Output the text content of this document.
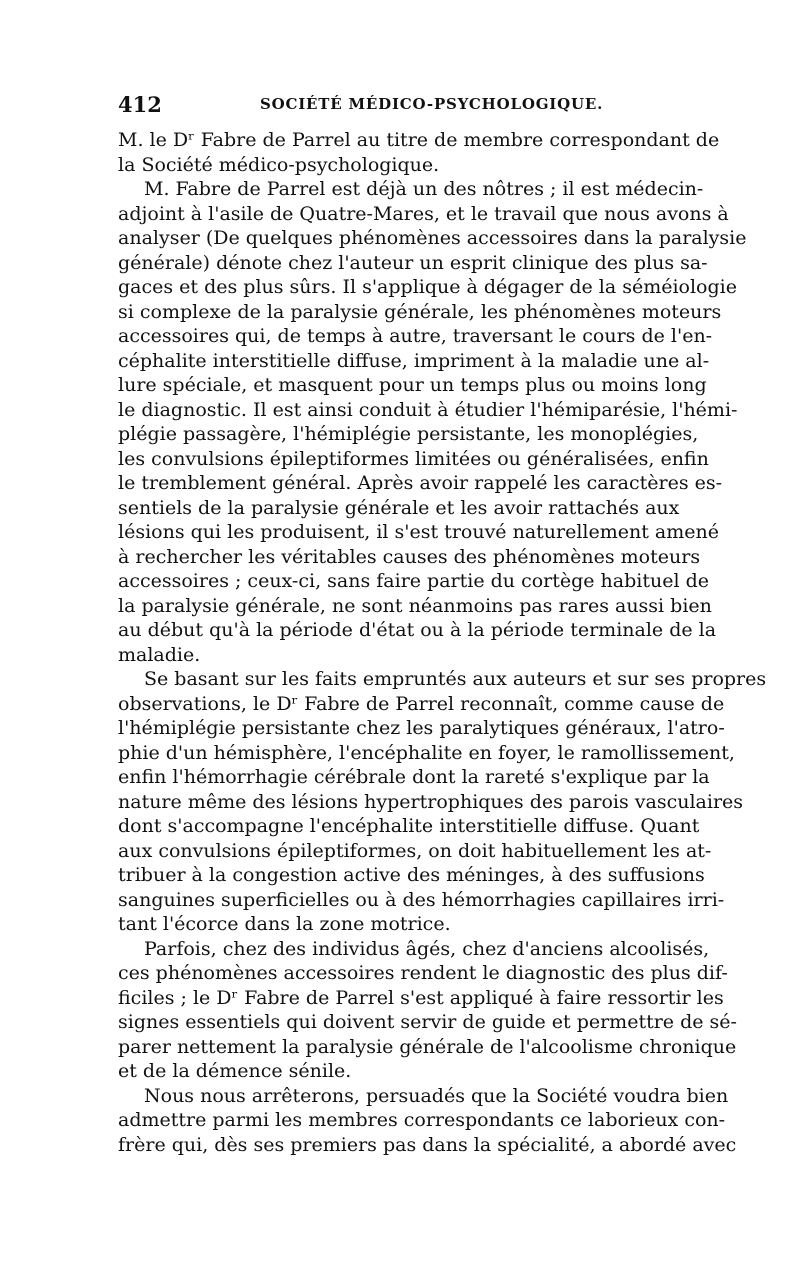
412	SOCIÉTÉ MÉDICO-PSYCHOLOGIQUE.
M. le Dʳ Fabre de Parrel au titre de membre correspondant de
la Société médico-psychologique.
M. Fabre de Parrel est déjà un des nôtres ; il est médecin-
adjoint à l'asile de Quatre-Mares, et le travail que nous avons à
analyser (De quelques phénomènes accessoires dans la paralysie
générale) dénote chez l'auteur un esprit clinique des plus sa-
gaces et des plus sûrs. Il s'applique à dégager de la séméiologie
si complexe de la paralysie générale, les phénomènes moteurs
accessoires qui, de temps à autre, traversant le cours de l'en-
céphalite interstitielle diffuse, impriment à la maladie une al-
lure spéciale, et masquent pour un temps plus ou moins long
le diagnostic. Il est ainsi conduit à étudier l'hémiparésie, l'hémi-
plégie passagère, l'hémiplégie persistante, les monoplégies,
les convulsions épileptiformes limitées ou généralisées, enfin
le tremblement général. Après avoir rappelé les caractères es-
sentiels de la paralysie générale et les avoir rattachés aux
lésions qui les produisent, il s'est trouvé naturellement amené
à rechercher les véritables causes des phénomènes moteurs
accessoires ; ceux-ci, sans faire partie du cortège habituel de
la paralysie générale, ne sont néanmoins pas rares aussi bien
au début qu'à la période d'état ou à la période terminale de la
maladie.
Se basant sur les faits empruntés aux auteurs et sur ses propres
observations, le Dʳ Fabre de Parrel reconnaît, comme cause de
l'hémiplégie persistante chez les paralytiques généraux, l'atro-
phie d'un hémisphère, l'encéphalite en foyer, le ramollissement,
enfin l'hémorrhagie cérébrale dont la rareté s'explique par la
nature même des lésions hypertrophiques des parois vasculaires
dont s'accompagne l'encéphalite interstitielle diffuse. Quant
aux convulsions épileptiformes, on doit habituellement les at-
tribuer à la congestion active des méninges, à des suffusions
sanguines superficielles ou à des hémorrhagies capillaires irri-
tant l'écorce dans la zone motrice.
Parfois, chez des individus âgés, chez d'anciens alcoolisés,
ces phénomènes accessoires rendent le diagnostic des plus dif-
ficiles ; le Dʳ Fabre de Parrel s'est appliqué à faire ressortir les
signes essentiels qui doivent servir de guide et permettre de sé-
parer nettement la paralysie générale de l'alcoolisme chronique
et de la démence sénile.
Nous nous arrêterons, persuadés que la Société voudra bien
admettre parmi les membres correspondants ce laborieux con-
frère qui, dès ses premiers pas dans la spécialité, a abordé avec
